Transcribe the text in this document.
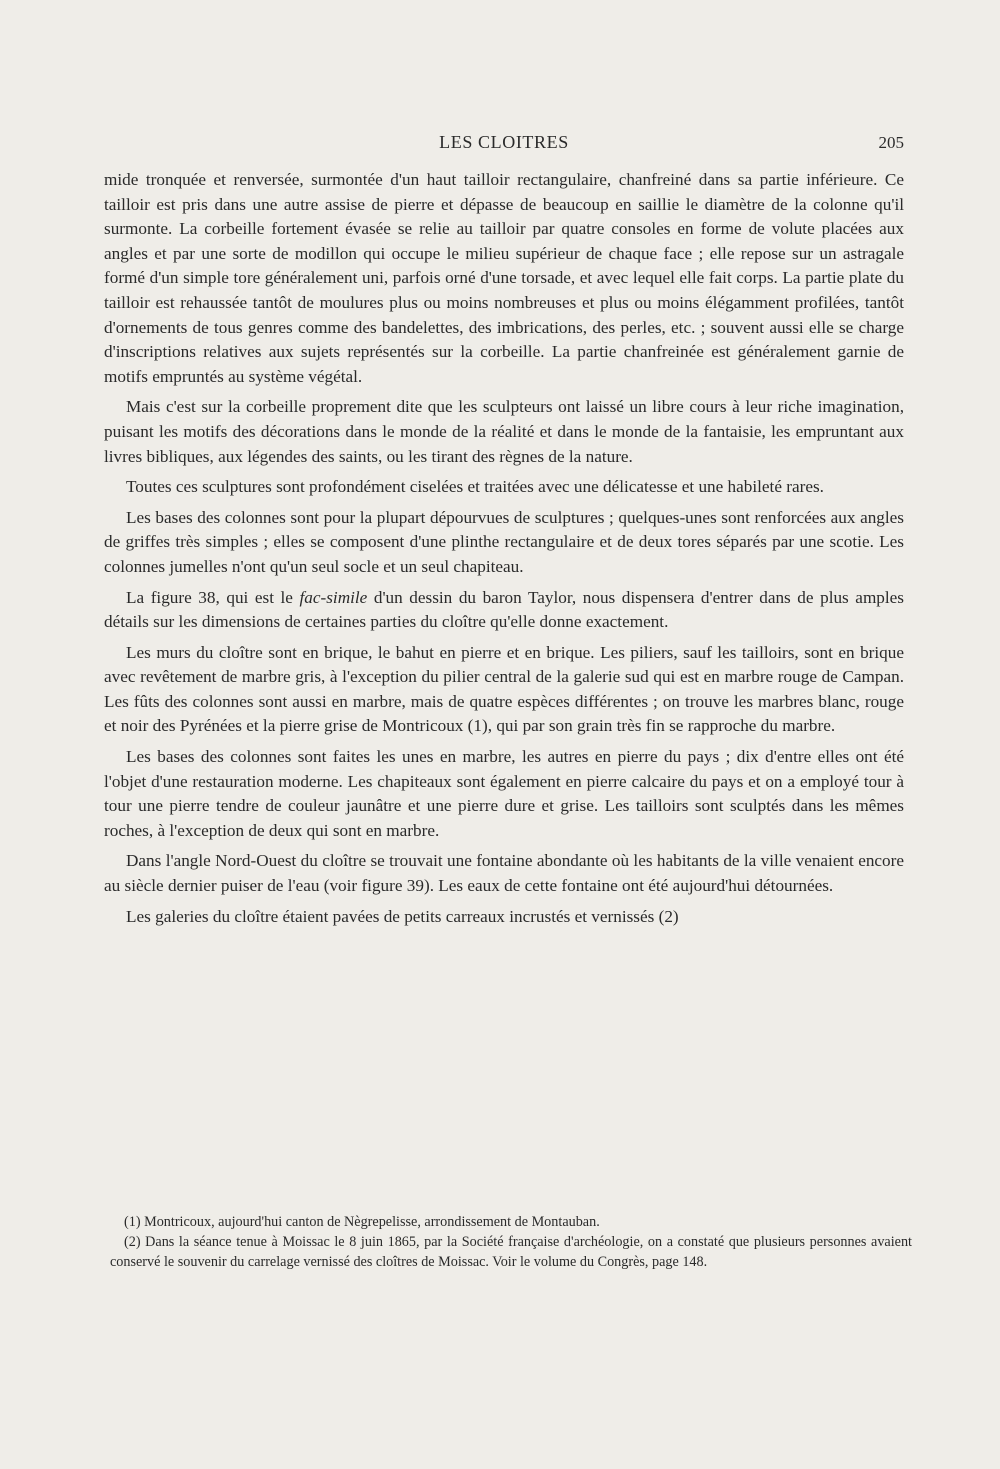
LES CLOITRES	205

mide tronquée et renversée, surmontée d'un haut tailloir rectangulaire, chanfreiné dans sa partie inférieure. Ce tailloir est pris dans une autre assise de pierre et dépasse de beaucoup en saillie le diamètre de la colonne qu'il surmonte. La corbeille fortement évasée se relie au tailloir par quatre consoles en forme de volute placées aux angles et par une sorte de modillon qui occupe le milieu supérieur de chaque face ; elle repose sur un astragale formé d'un simple tore généralement uni, parfois orné d'une torsade, et avec lequel elle fait corps. La partie plate du tailloir est rehaussée tantôt de moulures plus ou moins nombreuses et plus ou moins élégamment profilées, tantôt d'ornements de tous genres comme des bandelettes, des imbrications, des perles, etc. ; souvent aussi elle se charge d'inscriptions relatives aux sujets représentés sur la corbeille. La partie chanfreinée est généralement garnie de motifs empruntés au système végétal.

Mais c'est sur la corbeille proprement dite que les sculpteurs ont laissé un libre cours à leur riche imagination, puisant les motifs des décorations dans le monde de la réalité et dans le monde de la fantaisie, les empruntant aux livres bibliques, aux légendes des saints, ou les tirant des règnes de la nature.

Toutes ces sculptures sont profondément ciselées et traitées avec une délicatesse et une habileté rares.

Les bases des colonnes sont pour la plupart dépourvues de sculptures ; quelques-unes sont renforcées aux angles de griffes très simples ; elles se composent d'une plinthe rectangulaire et de deux tores séparés par une scotie. Les colonnes jumelles n'ont qu'un seul socle et un seul chapiteau.

La figure 38, qui est le fac-simile d'un dessin du baron Taylor, nous dispensera d'entrer dans de plus amples détails sur les dimensions de certaines parties du cloître qu'elle donne exactement.

Les murs du cloître sont en brique, le bahut en pierre et en brique. Les piliers, sauf les tailloirs, sont en brique avec revêtement de marbre gris, à l'exception du pilier central de la galerie sud qui est en marbre rouge de Campan. Les fûts des colonnes sont aussi en marbre, mais de quatre espèces différentes ; on trouve les marbres blanc, rouge et noir des Pyrénées et la pierre grise de Montricoux (1), qui par son grain très fin se rapproche du marbre.

Les bases des colonnes sont faites les unes en marbre, les autres en pierre du pays ; dix d'entre elles ont été l'objet d'une restauration moderne. Les chapiteaux sont également en pierre calcaire du pays et on a employé tour à tour une pierre tendre de couleur jaunâtre et une pierre dure et grise. Les tailloirs sont sculptés dans les mêmes roches, à l'exception de deux qui sont en marbre.

Dans l'angle Nord-Ouest du cloître se trouvait une fontaine abondante où les habitants de la ville venaient encore au siècle dernier puiser de l'eau (voir figure 39). Les eaux de cette fontaine ont été aujourd'hui détournées.

Les galeries du cloître étaient pavées de petits carreaux incrustés et vernissés (2)

(1) Montricoux, aujourd'hui canton de Nègrepelisse, arrondissement de Montauban.

(2) Dans la séance tenue à Moissac le 8 juin 1865, par la Société française d'archéologie, on a constaté que plusieurs personnes avaient conservé le souvenir du carrelage vernissé des cloîtres de Moissac. Voir le volume du Congrès, page 148.
